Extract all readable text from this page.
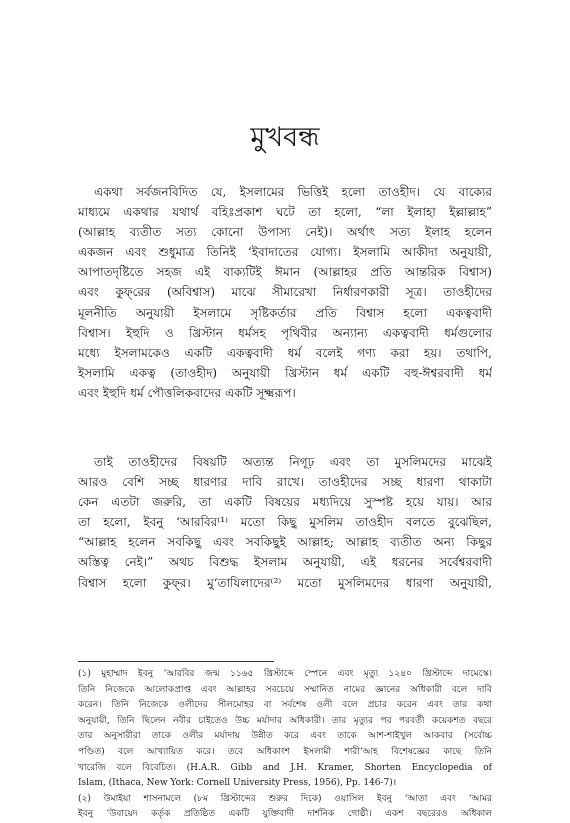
মুখবন্ধ
একথা সর্বজনবিদিত যে, ইসলামের ভিত্তিই হলো তাওহীদ। যে বাক্যের
মাধ্যমে একথার যথার্থ বহিঃপ্রকাশ ঘটে তা হলো, “লা ইলাহা ইল্লাল্লাহ”
(আল্লাহ ব্যতীত সত্য কোনো উপাস্য নেই)। অর্থাৎ সত্য ইলাহ হলেন
একজন এবং শুধুমাত্র তিনিই ‘ইবাদাতের যোগ্য। ইসলামি আকীদা অনুযায়ী,
আপাতদৃষ্টিতে সহজ এই বাক্যটিই ঈমান (আল্লাহর প্রতি আন্তরিক বিশ্বাস)
এবং কুফ্‌রের (অবিশ্বাস) মাঝে সীমারেখা নির্ধারণকারী সূত্র। তাওহীদের
মূলনীতি অনুযায়ী ইসলামে সৃষ্টিকর্তার প্রতি বিশ্বাস হলো একত্ববাদী
বিশ্বাস। ইহুদি ও খ্রিস্টান ধর্মসহ পৃথিবীর অন্যান্য একত্ববাদী ধর্মগুলোর
মধ্যে ইসলামকেও একটি একত্ববাদী ধর্ম বলেই গণ্য করা হয়। তথাপি,
ইসলামি একত্ব (তাওহীদ) অনুযায়ী খ্রিস্টান ধর্ম একটি বহু-ঈশ্বরবাদী ধর্ম
এবং ইহুদি ধর্ম পৌত্তলিকবাদের একটি সূক্ষ্মরূপ।
তাই তাওহীদের বিষয়টি অত্যন্ত নিগূঢ় এবং তা মুসলিমদের মাঝেই
আরও বেশি সচ্ছ ধারণার দাবি রাখে। তাওহীদের সচ্ছ ধারণা থাকাটা
কেন এতটা জরুরি, তা একটি বিষয়ের মধ্যদিয়ে সুস্পষ্ট হয়ে যায়। আর
তা হলো, ইবনু ‘আরবির⁽¹⁾ মতো কিছু মুসলিম তাওহীদ বলতে বুঝেছিল,
“আল্লাহ হলেন সবকিছু এবং সবকিছুই আল্লাহ; আল্লাহ ব্যতীত অন্য কিছুর
অস্তিত্ব নেই।” অথচ বিশুদ্ধ ইসলাম অনুযায়ী, এই ধরনের সর্বেশ্বরবাদী
বিশ্বাস হলো কুফ্‌র। মু‘তাযিলাদের⁽²⁾ মতো মুসলিমদের ধারণা অনুযায়ী,
(১) মুহাম্মাদ ইবনু ‘আরবির জন্ম ১১৬৫ খ্রিস্টাব্দে স্পেনে এবং মৃত্যু ১২৪০ খ্রিস্টাব্দে দামেস্কে।
তিনি নিজেকে আলোকপ্রাপ্ত এবং আল্লাহর সবচেয়ে সম্মানিত নামের জ্ঞানের অধিকারী বলে দাবি
করেন। তিনি নিজেকে ওলীদের সীলমোহর বা সর্বশেষ ওলী বলে প্রচার করেন এবং তার কথা
অনুযায়ী, তিনি ছিলেন নবীর চাইতেও উচ্চ মর্যাদার অধিকারী। তার মৃত্যুর পর পরবর্তী কয়েকশত বছরে
তার অনুসারীরা তাকে ওলীর মর্যাদায় উন্নীত করে এবং তাকে আশ-শাইখুল আকবার (সর্বোচ্চ
পণ্ডিত) বলে আখ্যায়িত করে। তবে অধিকাংশ ইসলামী শারী‘আহ বিশেষজ্ঞের কাছে তিনি
খারেজি বলে বিবেচিত। (H.A.R. Gibb and J.H. Kramer, Shorten Encyclopedia of
Islam, (Ithaca, New York: Cornell University Press, 1956), Pp. 146-7)।
(২) উমাইয়া শাসনামলে (৮ম খ্রিস্টাব্দের শুরুর দিকে) ওয়াসিল ইবনু ‘আতা এবং ‘আমর
ইবনু ‘উবায়েদ কর্তৃক প্রতিষ্ঠিত একটি যুক্তিবাদী দার্শনিক গোষ্ঠী। একশ বছরেরও অধিকাল
